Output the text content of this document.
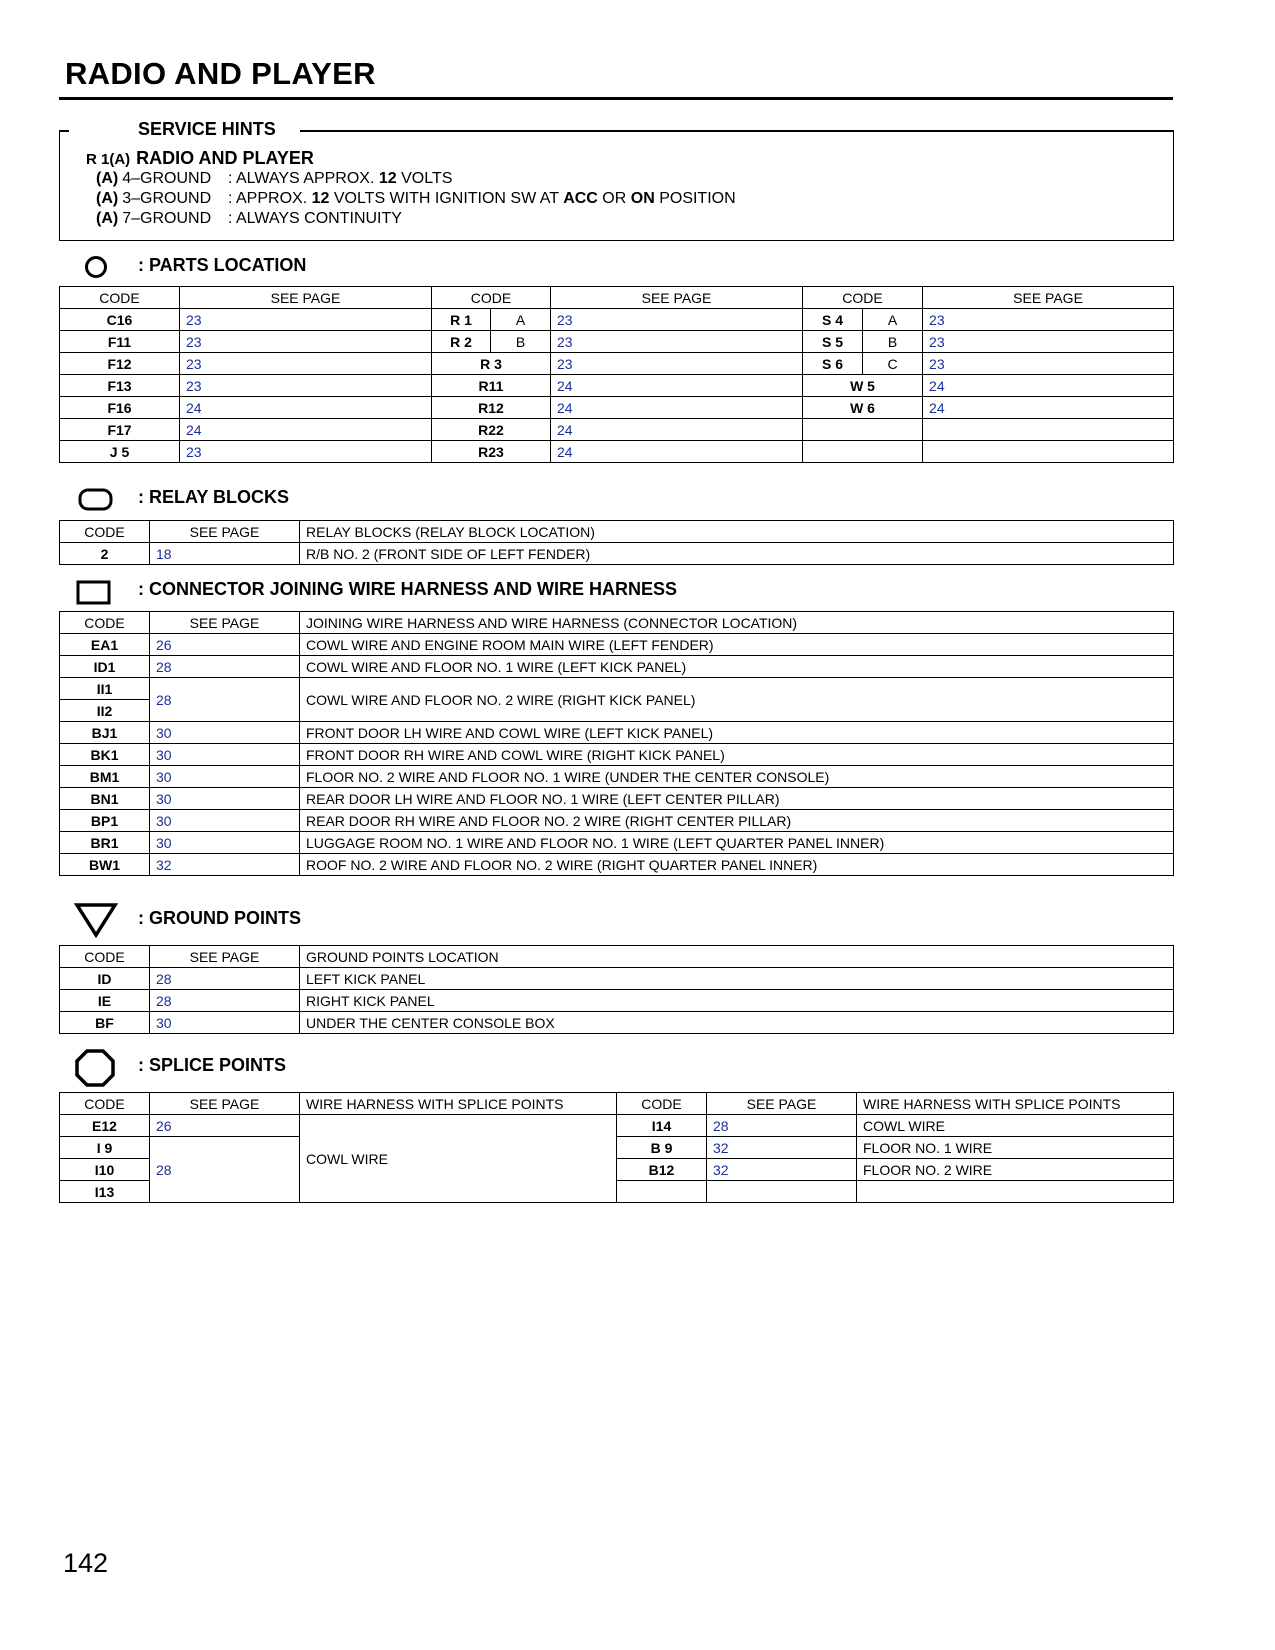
RADIO AND PLAYER
SERVICE HINTS
R 1(A) RADIO AND PLAYER
(A) 4–GROUND : ALWAYS APPROX. 12 VOLTS
(A) 3–GROUND : APPROX. 12 VOLTS WITH IGNITION SW AT ACC OR ON POSITION
(A) 7–GROUND : ALWAYS CONTINUITY
: PARTS LOCATION
CODE	SEE PAGE	CODE		SEE PAGE	CODE		SEE PAGE
C16	23	R 1	A	23	S 4	A	23
F11	23	R 2	B	23	S 5	B	23
F12	23	R 3		23	S 6	C	23
F13	23	R11		24	W 5		24
F16	24	R12		24	W 6		24
F17	24	R22		24			
J 5	23	R23		24			
: RELAY BLOCKS
CODE	SEE PAGE	RELAY BLOCKS (RELAY BLOCK LOCATION)
2	18	R/B NO. 2 (FRONT SIDE OF LEFT FENDER)
: CONNECTOR JOINING WIRE HARNESS AND WIRE HARNESS
CODE	SEE PAGE	JOINING WIRE HARNESS AND WIRE HARNESS (CONNECTOR LOCATION)
EA1	26	COWL WIRE AND ENGINE ROOM MAIN WIRE (LEFT FENDER)
ID1	28	COWL WIRE AND FLOOR NO. 1 WIRE (LEFT KICK PANEL)
II1	28	COWL WIRE AND FLOOR NO. 2 WIRE (RIGHT KICK PANEL)
II2		
BJ1	30	FRONT DOOR LH WIRE AND COWL WIRE (LEFT KICK PANEL)
BK1	30	FRONT DOOR RH WIRE AND COWL WIRE (RIGHT KICK PANEL)
BM1	30	FLOOR NO. 2 WIRE AND FLOOR NO. 1 WIRE (UNDER THE CENTER CONSOLE)
BN1	30	REAR DOOR LH WIRE AND FLOOR NO. 1 WIRE (LEFT CENTER PILLAR)
BP1	30	REAR DOOR RH WIRE AND FLOOR NO. 2 WIRE (RIGHT CENTER PILLAR)
BR1	30	LUGGAGE ROOM NO. 1 WIRE AND FLOOR NO. 1 WIRE (LEFT QUARTER PANEL INNER)
BW1	32	ROOF NO. 2 WIRE AND FLOOR NO. 2 WIRE (RIGHT QUARTER PANEL INNER)
: GROUND POINTS
CODE	SEE PAGE	GROUND POINTS LOCATION
ID	28	LEFT KICK PANEL
IE	28	RIGHT KICK PANEL
BF	30	UNDER THE CENTER CONSOLE BOX
: SPLICE POINTS
CODE	SEE PAGE	WIRE HARNESS WITH SPLICE POINTS	CODE	SEE PAGE	WIRE HARNESS WITH SPLICE POINTS
E12	26	COWL WIRE	I14	28	COWL WIRE
I 9	28		B 9	32	FLOOR NO. 1 WIRE
I10			B12	32	FLOOR NO. 2 WIRE
I13					
142
